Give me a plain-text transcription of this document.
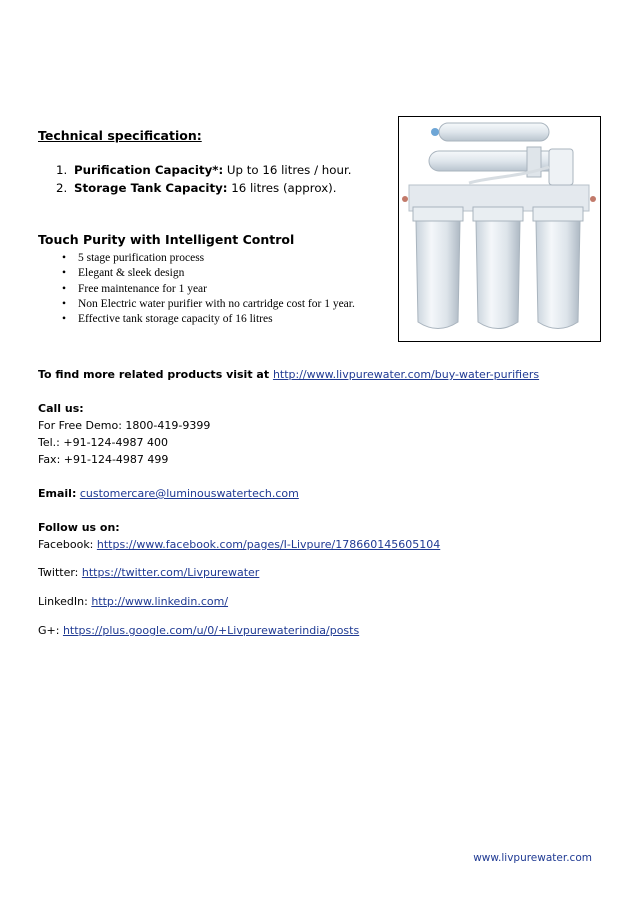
Technical specification:
1. Purification Capacity*: Up to 16 litres / hour.
2. Storage Tank Capacity: 16 litres (approx).
Touch Purity with Intelligent Control
• 5 stage purification process
• Elegant & sleek design
• Free maintenance for 1 year
• Non Electric water purifier with no cartridge cost for 1 year.
• Effective tank storage capacity of 16 litres
To find more related products visit at http://www.livpurewater.com/buy-water-purifiers
Call us:
For Free Demo: 1800-419-9399
Tel.: +91-124-4987 400
Fax: +91-124-4987 499
Email: customercare@luminouswatertech.com
Follow us on:
Facebook: https://www.facebook.com/pages/I-Livpure/178660145605104
Twitter: https://twitter.com/Livpurewater
LinkedIn: http://www.linkedin.com/
G+: https://plus.google.com/u/0/+Livpurewaterindia/posts
www.livpurewater.com
